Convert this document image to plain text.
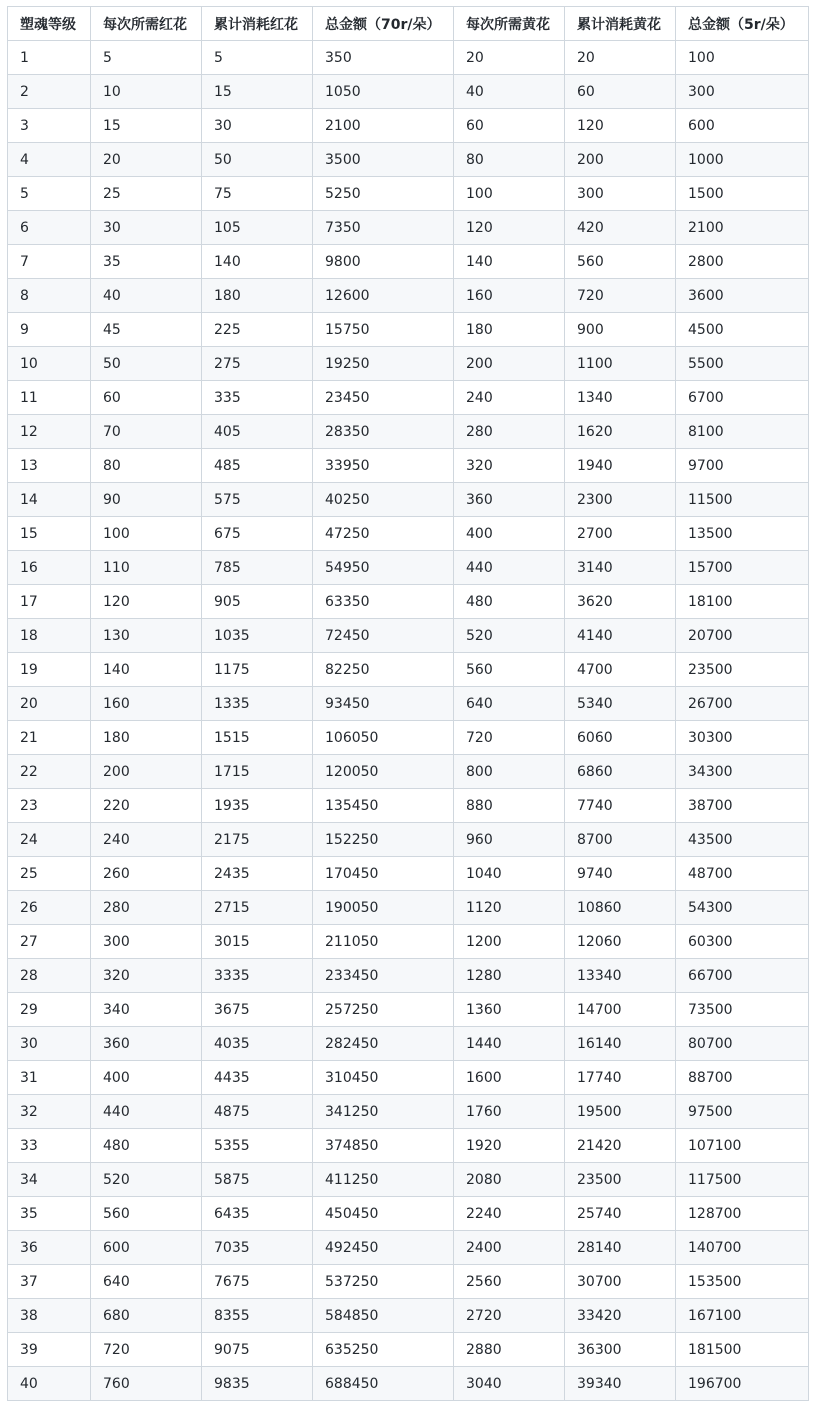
塑魂等级	每次所需红花	累计消耗红花	总金额（70r/朵）	每次所需黄花	累计消耗黄花	总金额（5r/朵）
1	5	5	350	20	20	100
2	10	15	1050	40	60	300
3	15	30	2100	60	120	600
4	20	50	3500	80	200	1000
5	25	75	5250	100	300	1500
6	30	105	7350	120	420	2100
7	35	140	9800	140	560	2800
8	40	180	12600	160	720	3600
9	45	225	15750	180	900	4500
10	50	275	19250	200	1100	5500
11	60	335	23450	240	1340	6700
12	70	405	28350	280	1620	8100
13	80	485	33950	320	1940	9700
14	90	575	40250	360	2300	11500
15	100	675	47250	400	2700	13500
16	110	785	54950	440	3140	15700
17	120	905	63350	480	3620	18100
18	130	1035	72450	520	4140	20700
19	140	1175	82250	560	4700	23500
20	160	1335	93450	640	5340	26700
21	180	1515	106050	720	6060	30300
22	200	1715	120050	800	6860	34300
23	220	1935	135450	880	7740	38700
24	240	2175	152250	960	8700	43500
25	260	2435	170450	1040	9740	48700
26	280	2715	190050	1120	10860	54300
27	300	3015	211050	1200	12060	60300
28	320	3335	233450	1280	13340	66700
29	340	3675	257250	1360	14700	73500
30	360	4035	282450	1440	16140	80700
31	400	4435	310450	1600	17740	88700
32	440	4875	341250	1760	19500	97500
33	480	5355	374850	1920	21420	107100
34	520	5875	411250	2080	23500	117500
35	560	6435	450450	2240	25740	128700
36	600	7035	492450	2400	28140	140700
37	640	7675	537250	2560	30700	153500
38	680	8355	584850	2720	33420	167100
39	720	9075	635250	2880	36300	181500
40	760	9835	688450	3040	39340	196700
